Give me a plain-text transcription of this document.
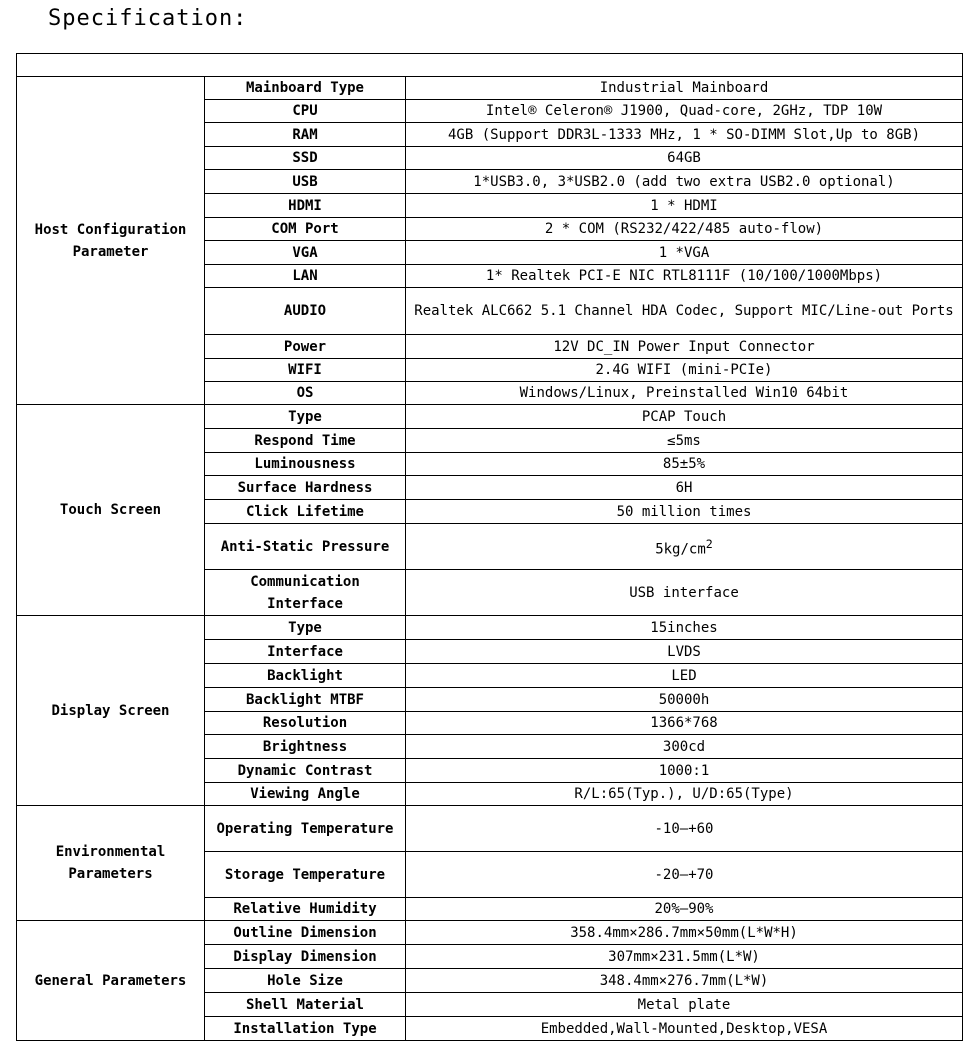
Specification:

Host Configuration Parameter	Mainboard Type	Industrial Mainboard
	CPU	Intel® Celeron® J1900, Quad-core, 2GHz, TDP 10W
	RAM	4GB (Support DDR3L-1333 MHz, 1 * SO-DIMM Slot,Up to 8GB)
	SSD	64GB
	USB	1*USB3.0, 3*USB2.0 (add two extra USB2.0 optional)
	HDMI	1 * HDMI
	COM Port	2 * COM (RS232/422/485 auto-flow)
	VGA	1 *VGA
	LAN	1* Realtek PCI-E NIC RTL8111F (10/100/1000Mbps)
	AUDIO	Realtek ALC662 5.1 Channel HDA Codec, Support MIC/Line-out Ports
	Power	12V DC_IN Power Input Connector
	WIFI	2.4G WIFI (mini-PCIe)
	OS	Windows/Linux, Preinstalled Win10 64bit
Touch Screen	Type	PCAP Touch
	Respond Time	≤5ms
	Luminousness	85±5%
	Surface Hardness	6H
	Click Lifetime	50 million times
	Anti-Static Pressure	$5kg/cm^2$
	Communication Interface	USB interface
Display Screen	Type	15inches
	Interface	LVDS
	Backlight	LED
	Backlight MTBF	50000h
	Resolution	1366*768
	Brightness	300cd
	Dynamic Contrast	1000:1
	Viewing Angle	R/L:65(Typ.), U/D:65(Type)
Environmental Parameters	Operating Temperature	-10—+60
	Storage Temperature	-20—+70
	Relative Humidity	20%—90%
General Parameters	Outline Dimension	358.4mm×286.7mm×50mm(L*W*H)
	Display Dimension	307mm×231.5mm(L*W)
	Hole Size	348.4mm×276.7mm(L*W)
	Shell Material	Metal plate
	Installation Type	Embedded,Wall-Mounted,Desktop,VESA
